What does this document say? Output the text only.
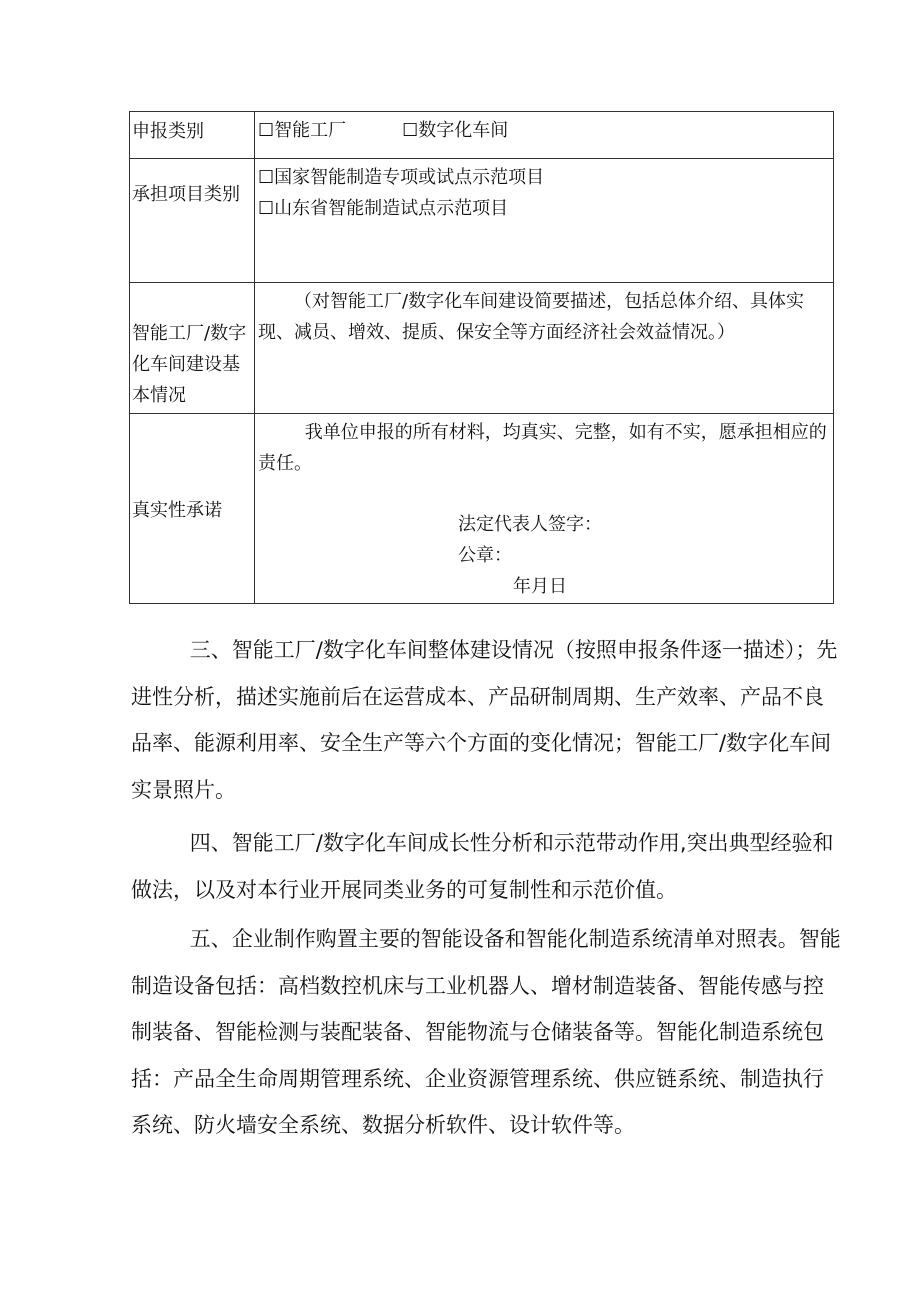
申报类别	☐智能工厂 ☐数字化车间
承担项目类别	☐国家智能制造专项或试点示范项目
☐山东省智能制造试点示范项目

智能工厂/数字化车间建设基本情况	（对智能工厂/数字化车间建设简要描述，包括总体介绍、具体实现、减员、增效、提质、保安全等方面经济社会效益情况。）
真实性承诺	我单位申报的所有材料，均真实、完整，如有不实，愿承担相应的责任。
法定代表人签字：
公章：
年月日

三、智能工厂/数字化车间整体建设情况（按照申报条件逐一描述）；先进性分析，描述实施前后在运营成本、产品研制周期、生产效率、产品不良品率、能源利用率、安全生产等六个方面的变化情况；智能工厂/数字化车间实景照片。

四、智能工厂/数字化车间成长性分析和示范带动作用,突出典型经验和做法，以及对本行业开展同类业务的可复制性和示范价值。

五、企业制作购置主要的智能设备和智能化制造系统清单对照表。智能制造设备包括：高档数控机床与工业机器人、增材制造装备、智能传感与控制装备、智能检测与装配装备、智能物流与仓储装备等。智能化制造系统包括：产品全生命周期管理系统、企业资源管理系统、供应链系统、制造执行系统、防火墙安全系统、数据分析软件、设计软件等。
